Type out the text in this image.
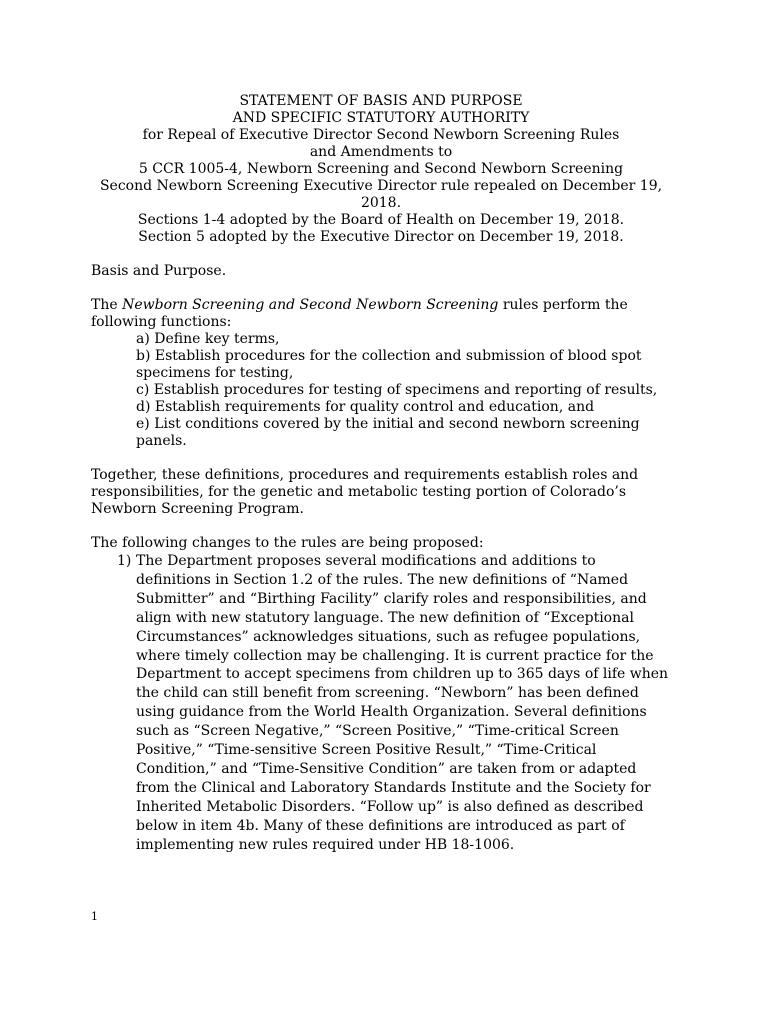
STATEMENT OF BASIS AND PURPOSE
AND SPECIFIC STATUTORY AUTHORITY
for Repeal of Executive Director Second Newborn Screening Rules
and Amendments to
5 CCR 1005-4, Newborn Screening and Second Newborn Screening
Second Newborn Screening Executive Director rule repealed on December 19, 2018.
Sections 1-4 adopted by the Board of Health on December 19, 2018.
Section 5 adopted by the Executive Director on December 19, 2018.

Basis and Purpose.

The Newborn Screening and Second Newborn Screening rules perform the following functions:

a) Define key terms,
b) Establish procedures for the collection and submission of blood spot specimens for testing,
c) Establish procedures for testing of specimens and reporting of results,
d) Establish requirements for quality control and education, and
e) List conditions covered by the initial and second newborn screening panels.

Together, these definitions, procedures and requirements establish roles and responsibilities, for the genetic and metabolic testing portion of Colorado’s Newborn Screening Program.

The following changes to the rules are being proposed:

1) The Department proposes several modifications and additions to definitions in Section 1.2 of the rules. The new definitions of “Named Submitter” and “Birthing Facility” clarify roles and responsibilities, and align with new statutory language. The new definition of “Exceptional Circumstances” acknowledges situations, such as refugee populations, where timely collection may be challenging. It is current practice for the Department to accept specimens from children up to 365 days of life when the child can still benefit from screening. “Newborn” has been defined using guidance from the World Health Organization. Several definitions such as “Screen Negative,” “Screen Positive,” “Time-critical Screen Positive,” “Time-sensitive Screen Positive Result,” “Time-Critical Condition,” and “Time-Sensitive Condition” are taken from or adapted from the Clinical and Laboratory Standards Institute and the Society for Inherited Metabolic Disorders. “Follow up” is also defined as described below in item 4b. Many of these definitions are introduced as part of implementing new rules required under HB 18-1006.
1
